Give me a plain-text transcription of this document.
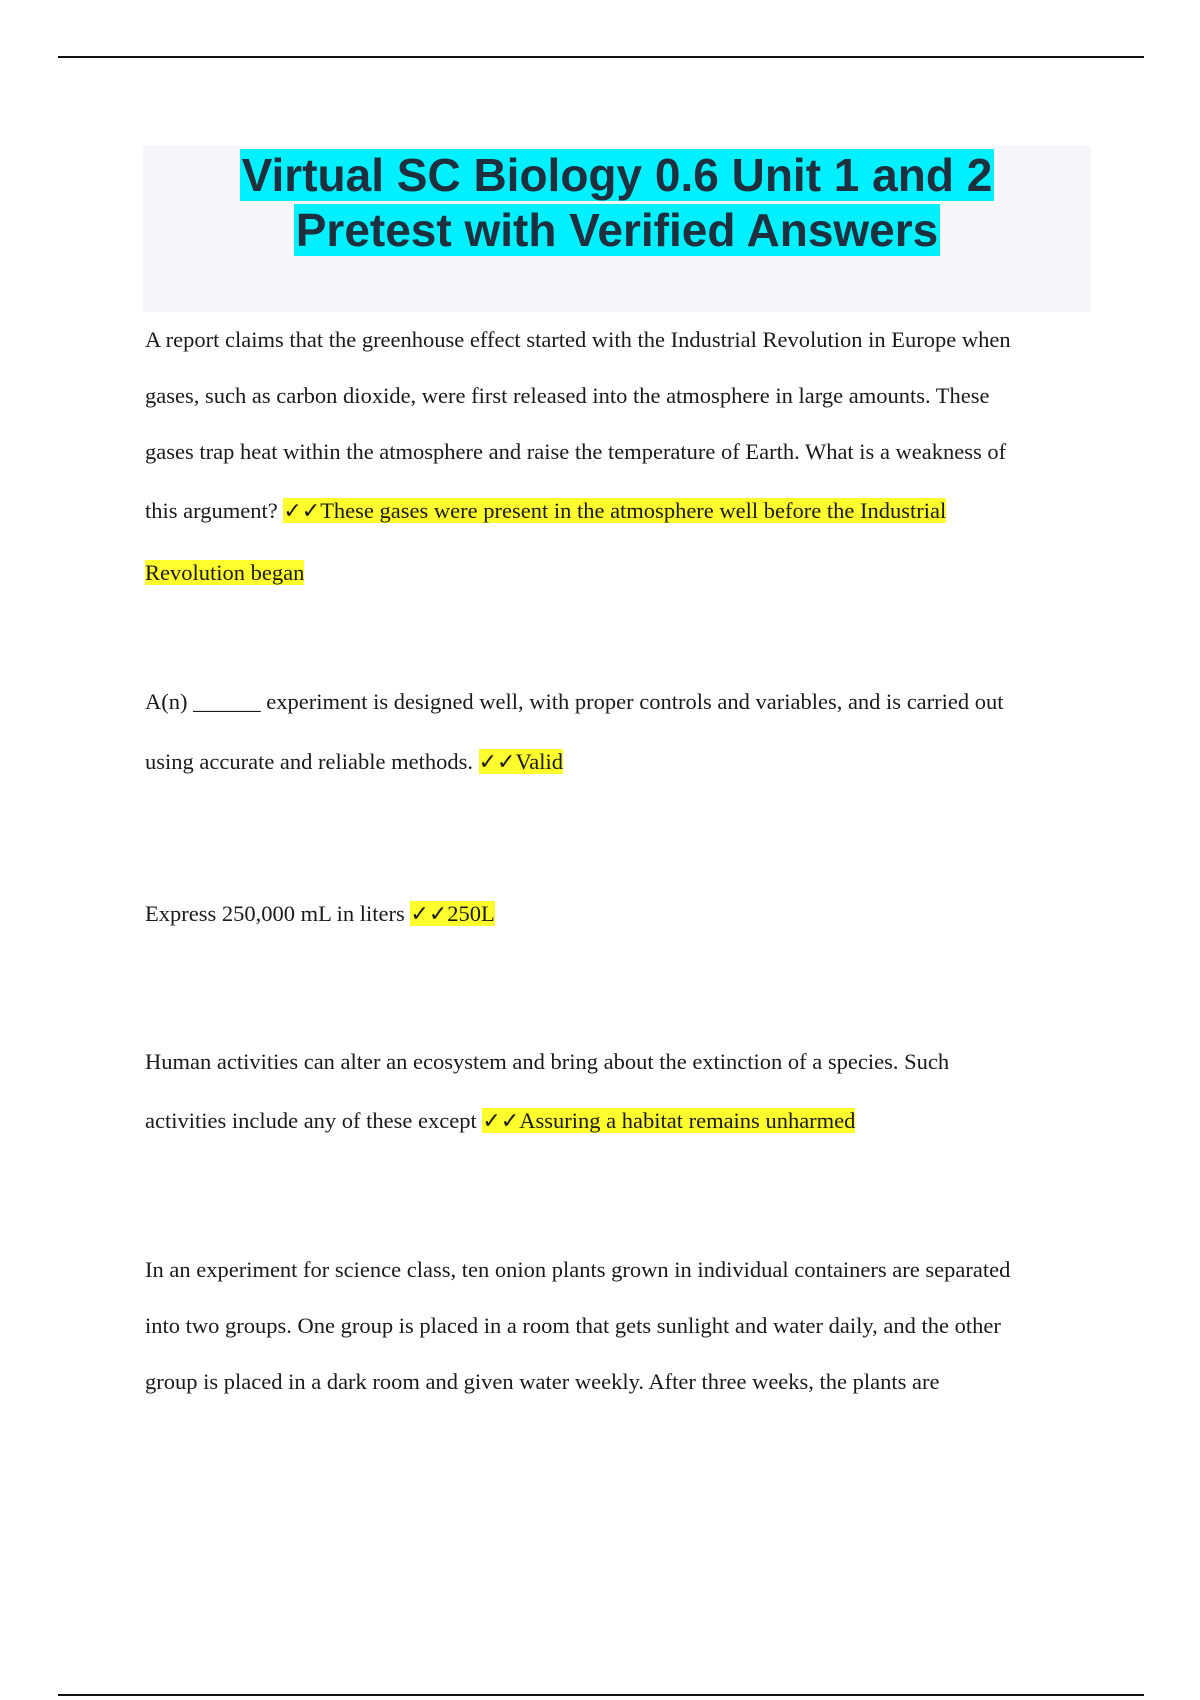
Virtual SC Biology 0.6 Unit 1 and 2
Pretest with Verified Answers
A report claims that the greenhouse effect started with the Industrial Revolution in Europe when
gases, such as carbon dioxide, were first released into the atmosphere in large amounts. These
gases trap heat within the atmosphere and raise the temperature of Earth. What is a weakness of
this argument? ✓✓These gases were present in the atmosphere well before the Industrial
Revolution began
A(n) ______ experiment is designed well, with proper controls and variables, and is carried out
using accurate and reliable methods. ✓✓Valid
Express 250,000 mL in liters ✓✓250L
Human activities can alter an ecosystem and bring about the extinction of a species. Such
activities include any of these except ✓✓Assuring a habitat remains unharmed
In an experiment for science class, ten onion plants grown in individual containers are separated
into two groups. One group is placed in a room that gets sunlight and water daily, and the other
group is placed in a dark room and given water weekly. After three weeks, the plants are
